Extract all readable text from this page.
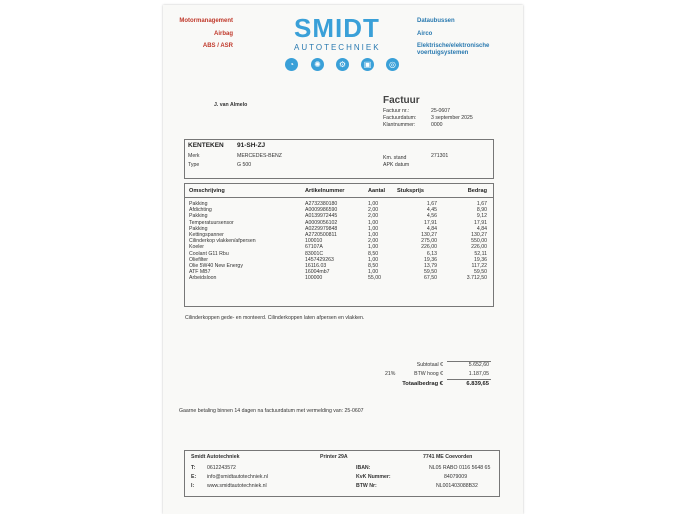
Motormanagement
Airbag
ABS / ASR
SMIDT
AUTOTECHNIEK
◔	✺	⚙	▣	◎
Dataubussen
Airco
Elektrische/elektronische
voertuigsystemen
J. van Almelo	Factuur
Factuur nr.:	25-0607
Factuurdatum:	3 september 2025
Klantnummer:	0000
KENTEKEN 91-SH-ZJ
Merk	MERCEDES-BENZ
Type	G 500
Km. stand	271301
APK datum
Omschrijving	Artikelnummer	Aantal Stuksprijs	Bedrag
Pakking	A2732380180	1,00	1,67	1,67
Afdichting	A0009986590	2,00	4,45	8,90
Pakking	A0139972445	2,00	4,56	9,12
Temperatuursensor	A0009056102	1,00	17,91	17,91
Pakking	A0229979848	1,00	4,84	4,84
Kettingspanner	A2720500811	1,00	130,27	130,27
Cilinderkop vlakken/afpersen	100010	2,00	275,00	550,00
Koeler	67107A	1,00	226,00	226,00
Coolant G11 Rbu	83001C	8,50	6,13	52,11
Oliefilter	1457429263	1,00	19,36	19,36
Olie 5W40 New Energy	16116.03	8,50	13,79	117,22
ATF MB7	16004mb7	1,00	59,50	59,50
Arbeidsloon	100000	55,00	67,50	3.712,50
Cilinderkoppen gede- en monteerd. Cilinderkoppen laten afpersen en vlakken.
Subtotaal €	5.652,60
21%	BTW hoog €	1.187,05
Totaalbedrag €	6.839,65
Gaarne betaling binnen 14 dagen na factuurdatum met vermelding van: 25-0607
Smidt Autotechniek	Printer 29A	7741 ME Coevorden
T: 0612243572
E: info@smidtautotechniek.nl
I: www.smidtautotechniek.nl
IBAN:	NL05 RABO 0116 5648 65
KvK Nummer:	84079009
BTW Nr:	NL001403088B32
